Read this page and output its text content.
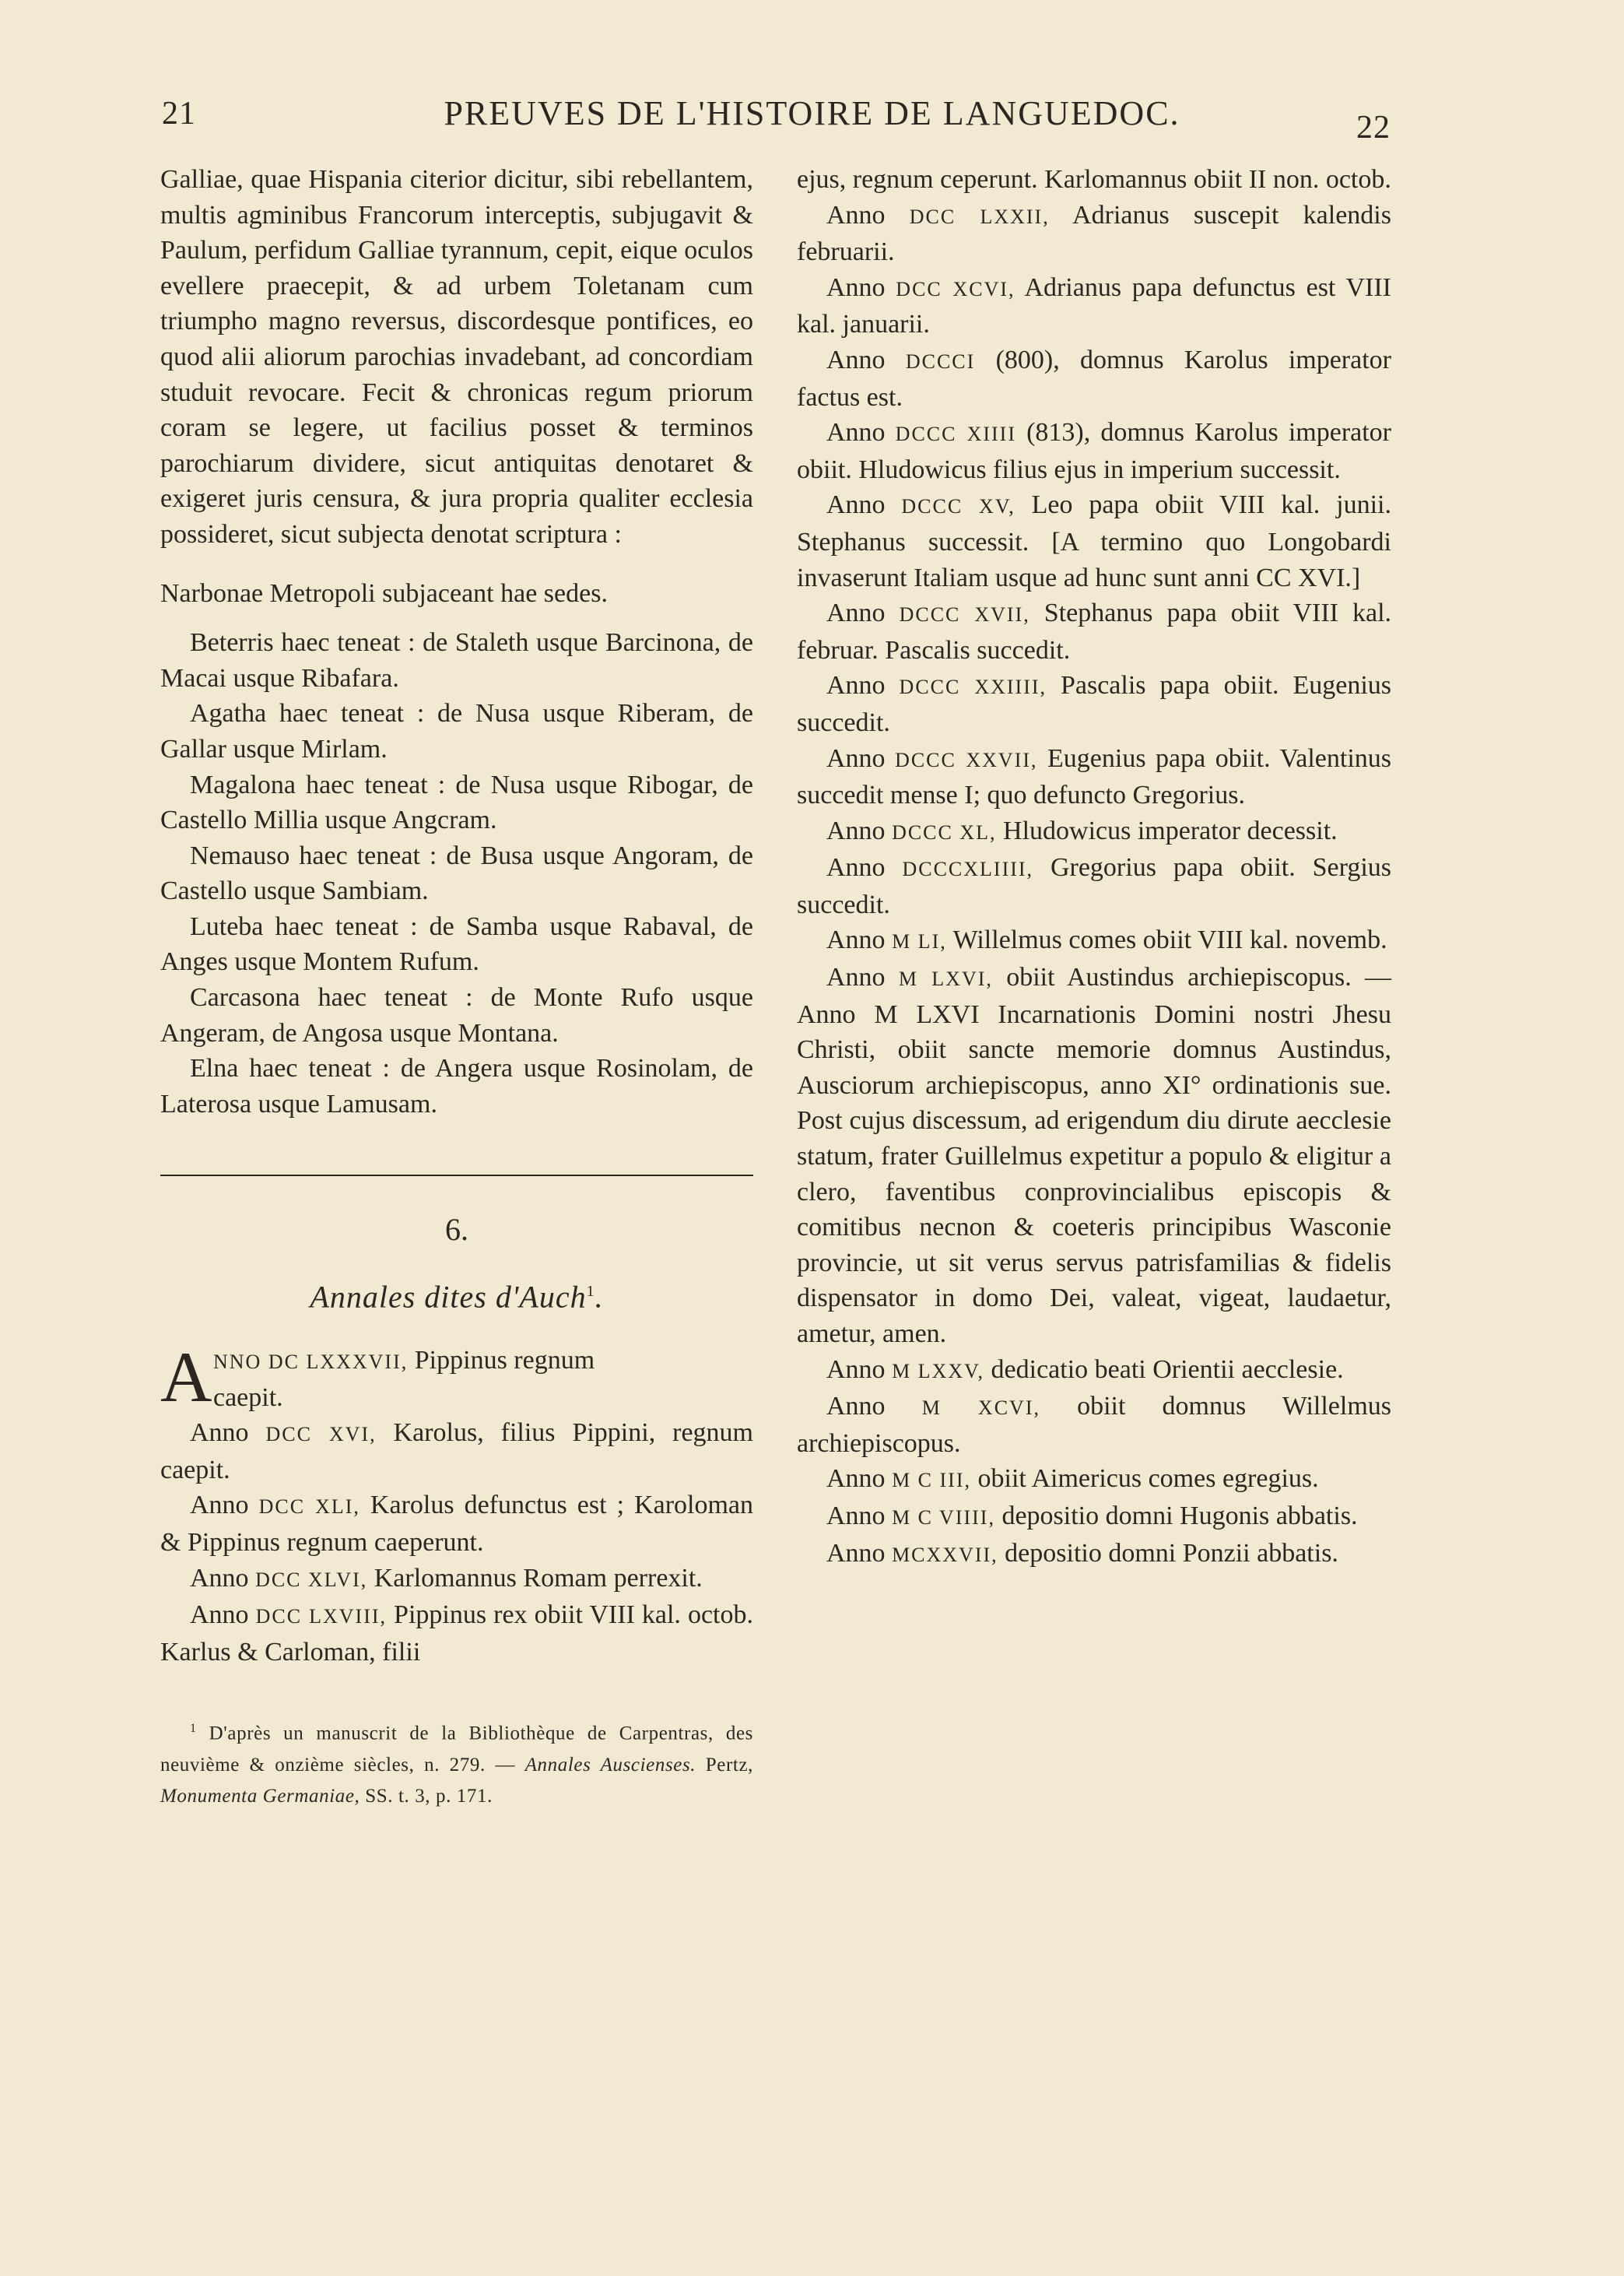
21	PREUVES DE L'HISTOIRE DE LANGUEDOC.	22

Galliae, quae Hispania citerior dicitur, sibi rebellantem, multis agminibus Francorum interceptis, subjugavit & Paulum, perfidum Galliae tyrannum, cepit, eique oculos evellere praecepit, & ad urbem Toletanam cum triumpho magno reversus, discordesque pontifices, eo quod alii aliorum parochias invadebant, ad concordiam studuit revocare. Fecit & chronicas regum priorum coram se legere, ut facilius posset & terminos parochiarum dividere, sicut antiquitas denotaret & exigeret juris censura, & jura propria qualiter ecclesia possideret, sicut subjecta denotat scriptura :

Narbonae Metropoli subjaceant hae sedes.

Beterris haec teneat : de Staleth usque Barcinona, de Macai usque Ribafara.

Agatha haec teneat : de Nusa usque Riberam, de Gallar usque Mirlam.

Magalona haec teneat : de Nusa usque Ribogar, de Castello Millia usque Angcram.

Nemauso haec teneat : de Busa usque Angoram, de Castello usque Sambiam.

Luteba haec teneat : de Samba usque Rabaval, de Anges usque Montem Rufum.

Carcasona haec teneat : de Monte Rufo usque Angeram, de Angosa usque Montana.

Elna haec teneat : de Angera usque Rosinolam, de Laterosa usque Lamusam.

6.
Annales dites d'Auch$^1$.
A NNO DC LXXXVII, Pippinus regnum

caepit.

Anno DCC XVI, Karolus, filius Pippini, regnum caepit.

Anno DCC XLI, Karolus defunctus est ; Karoloman & Pippinus regnum caeperunt.

Anno DCC XLVI, Karlomannus Romam perrexit.

Anno DCC LXVIII, Pippinus rex obiit VIII kal. octob. Karlus & Carloman, filii

$^1$ D'après un manuscrit de la Bibliothèque de Carpentras, des neuvième & onzième siècles, n. 279. — Annales Auscienses. Pertz, Monumenta Germaniae, SS. t. 3, p. 171.

ejus, regnum ceperunt. Karlomannus obiit II non. octob.

Anno DCC LXXII, Adrianus suscepit kalendis februarii.

Anno DCC XCVI, Adrianus papa defunctus est VIII kal. januarii.

Anno DCCCI (800), domnus Karolus imperator factus est.

Anno DCCC XIIII (813), domnus Karolus imperator obiit. Hludowicus filius ejus in imperium successit.

Anno DCCC XV, Leo papa obiit VIII kal. junii. Stephanus successit. [A termino quo Longobardi invaserunt Italiam usque ad hunc sunt anni CC XVI.]

Anno DCCC XVII, Stephanus papa obiit VIII kal. februar. Pascalis succedit.

Anno DCCC XXIIII, Pascalis papa obiit. Eugenius succedit.

Anno DCCC XXVII, Eugenius papa obiit. Valentinus succedit mense I; quo defuncto Gregorius.

Anno DCCC XL, Hludowicus imperator decessit.

Anno DCCCXLIIII, Gregorius papa obiit. Sergius succedit.

Anno M LI, Willelmus comes obiit VIII kal. novemb.

Anno M LXVI, obiit Austindus archiepiscopus. — Anno M LXVI Incarnationis Domini nostri Jhesu Christi, obiit sancte memorie domnus Austindus, Ausciorum archiepiscopus, anno XI° ordinationis sue. Post cujus discessum, ad erigendum diu dirute aecclesie statum, frater Guillelmus expetitur a populo & eligitur a clero, faventibus conprovincialibus episcopis & comitibus necnon & coeteris principibus Wasconie provincie, ut sit verus servus patrisfamilias & fidelis dispensator in domo Dei, valeat, vigeat, laudaetur, ametur, amen.

Anno M LXXV, dedicatio beati Orientii aecclesie.

Anno M XCVI, obiit domnus Willelmus archiepiscopus.

Anno M C III, obiit Aimericus comes egregius.

Anno M C VIIII, depositio domni Hugonis abbatis.

Anno MCXXVII, depositio domni Ponzii abbatis.
